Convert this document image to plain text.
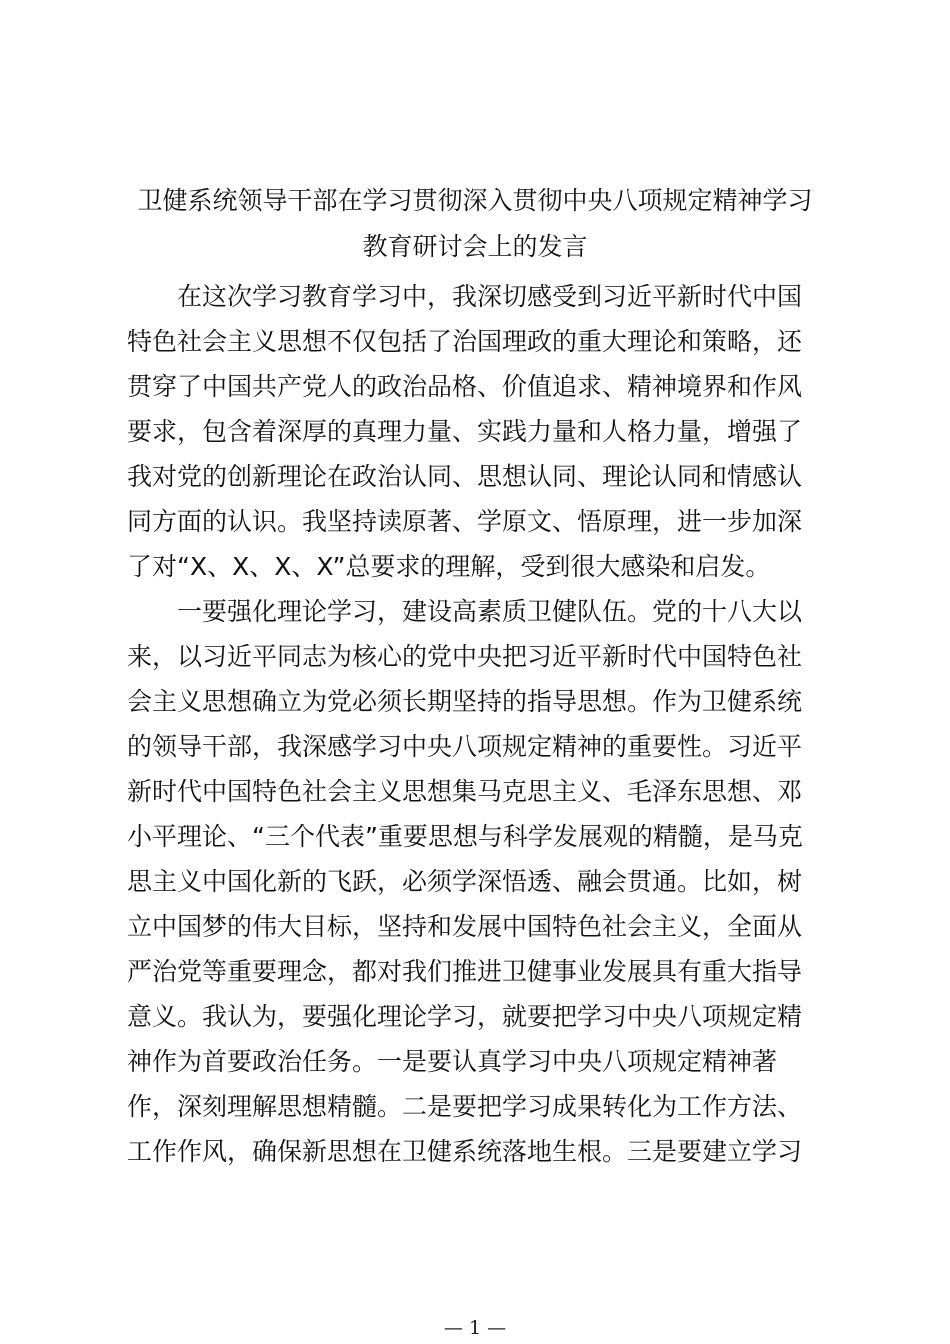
卫健系统领导干部在学习贯彻深入贯彻中央八项规定精神学习
教育研讨会上的发言
在这次学习教育学习中，我深切感受到习近平新时代中国
特色社会主义思想不仅包括了治国理政的重大理论和策略，还
贯穿了中国共产党人的政治品格、价值追求、精神境界和作风
要求，包含着深厚的真理力量、实践力量和人格力量，增强了
我对党的创新理论在政治认同、思想认同、理论认同和情感认
同方面的认识。我坚持读原著、学原文、悟原理，进一步加深
了对“X、X、X、X”总要求的理解，受到很大感染和启发。
一要强化理论学习，建设高素质卫健队伍。党的十八大以
来，以习近平同志为核心的党中央把习近平新时代中国特色社
会主义思想确立为党必须长期坚持的指导思想。作为卫健系统
的领导干部，我深感学习中央八项规定精神的重要性。习近平
新时代中国特色社会主义思想集马克思主义、毛泽东思想、邓
小平理论、“三个代表”重要思想与科学发展观的精髓，是马克
思主义中国化新的飞跃，必须学深悟透、融会贯通。比如，树
立中国梦的伟大目标，坚持和发展中国特色社会主义，全面从
严治党等重要理念，都对我们推进卫健事业发展具有重大指导
意义。我认为，要强化理论学习，就要把学习中央八项规定精
神作为首要政治任务。一是要认真学习中央八项规定精神著
作，深刻理解思想精髓。二是要把学习成果转化为工作方法、
工作作风，确保新思想在卫健系统落地生根。三是要建立学习
— 1 —
